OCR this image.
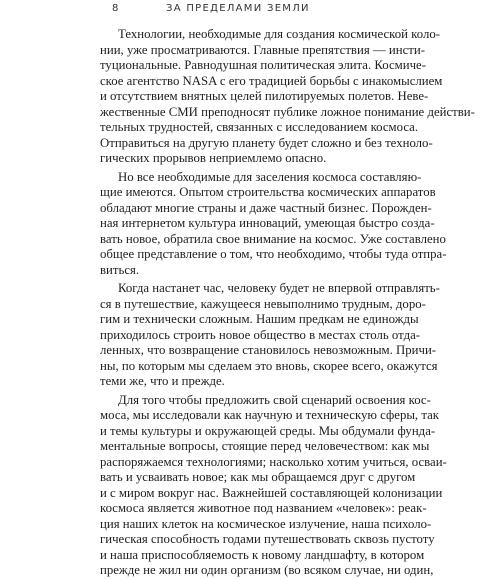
8	ЗА ПРЕДЕЛАМИ ЗЕМЛИ
Технологии, необходимые для создания космической коло-
нии, уже просматриваются. Главные препятствия — инсти-
туциональные. Равнодушная политическая элита. Космиче-
ское агентство NASA с его традицией борьбы с инакомыслием
и отсутствием внятных целей пилотируемых полетов. Неве-
жественные СМИ преподносят публике ложное понимание действи-
тельных трудностей, связанных с исследованием космоса.
Отправиться на другую планету будет сложно и без техноло-
гических прорывов неприемлемо опасно.
Но все необходимые для заселения космоса составляю-
щие имеются. Опытом строительства космических аппаратов
обладают многие страны и даже частный бизнес. Порожден-
ная интернетом культура инноваций, умеющая быстро созда-
вать новое, обратила свое внимание на космос. Уже составлено
общее представление о том, что необходимо, чтобы туда отпра-
виться.
Когда настанет час, человеку будет не впервой отправлять-
ся в путешествие, кажущееся невыполнимо трудным, доро-
гим и технически сложным. Нашим предкам не единожды
приходилось строить новое общество в местах столь отда-
ленных, что возвращение становилось невозможным. Причи-
ны, по которым мы сделаем это вновь, скорее всего, окажутся
теми же, что и прежде.
Для того чтобы предложить свой сценарий освоения кос-
моса, мы исследовали как научную и техническую сферы, так
и темы культуры и окружающей среды. Мы обдумали фунда-
ментальные вопросы, стоящие перед человечеством: как мы
распоряжаемся технологиями; насколько хотим учиться, осваи-
вать и усваивать новое; как мы обращаемся друг с другом
и с миром вокруг нас. Важнейшей составляющей колонизации
космоса является животное под названием «человек»: реак-
ция наших клеток на космическое излучение, наша психоло-
гическая способность годами путешествовать сквозь пустоту
и наша приспособляемость к новому ландшафту, в котором
прежде не жил ни один организм (во всяком случае, ни один,
